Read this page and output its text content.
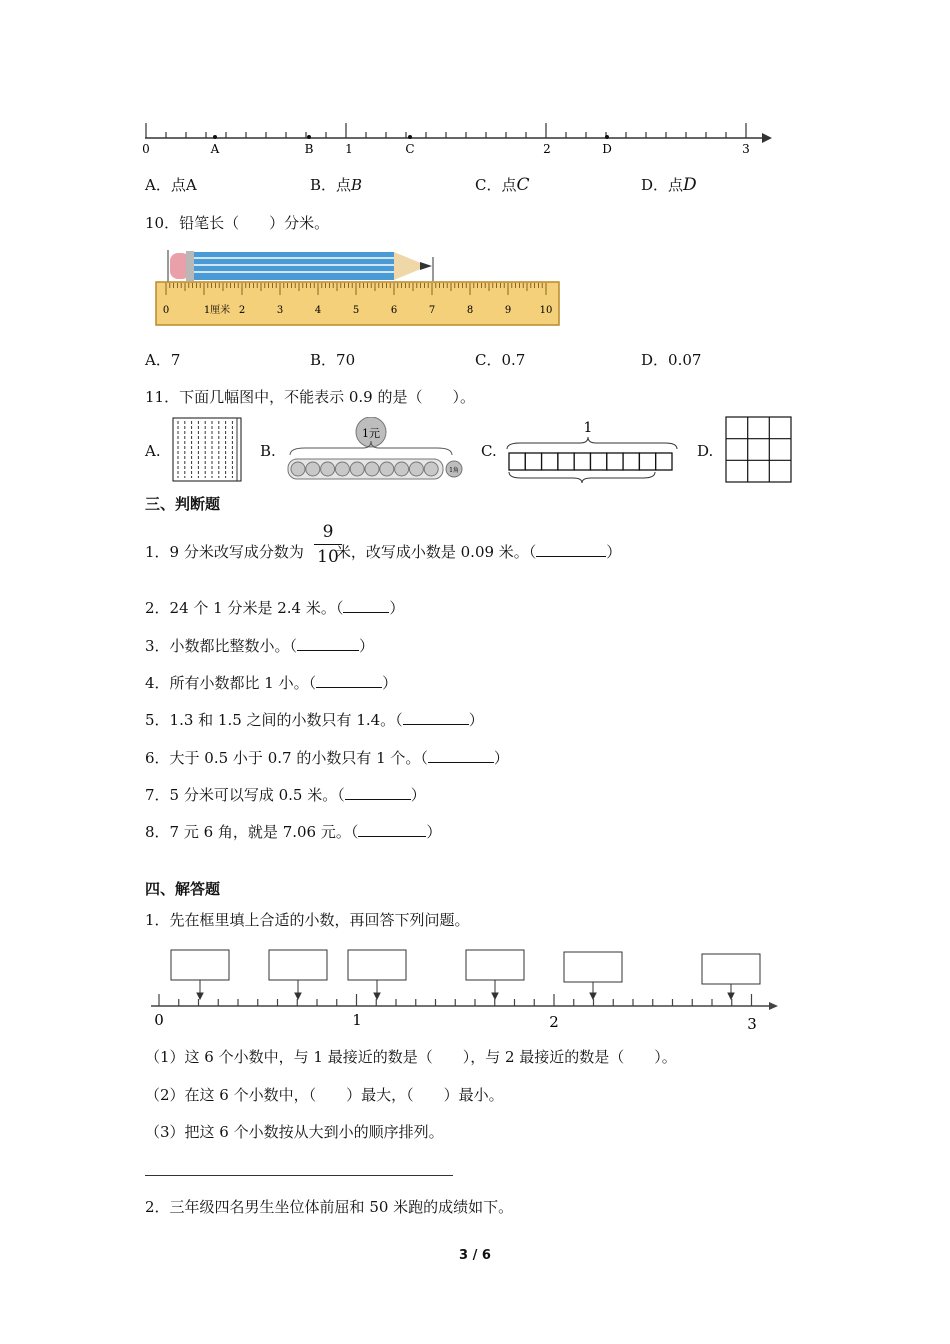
0	A	B	1	C	2	D	3
A．点A	B．点B	C．点C	D．点D
10．铅笔长（　　）分米。
0	1厘米 2	3	4	5	6	7	8	9	10
A．7	B．70	C．0.7	D．0.07
11．下面几幅图中，不能表示 0.9 的是（　　）。
A.	B.
1元
1角
C.
1
D.
三、判断题
1．9 分米改写成分数为 米，改写成小数是 0.09 米。（	）
9
10
2．24 个 1 分米是 2.4 米。（	）
3．小数都比整数小。（	）
4．所有小数都比 1 小。（	）
5．1.3 和 1.5 之间的小数只有 1.4。（	）
6．大于 0.5 小于 0.7 的小数只有 1 个。（	）
7．5 分米可以写成 0.5 米。（	）
8．7 元 6 角，就是 7.06 元。（	）
四、解答题
1．先在框里填上合适的小数，再回答下列问题。
0	1	2	3
（1）这 6 个小数中，与 1 最接近的数是（　　），与 2 最接近的数是（　　）。
（2）在这 6 个小数中，（　　）最大，（　　）最小。
（3）把这 6 个小数按从大到小的顺序排列。
2．三年级四名男生坐位体前屈和 50 米跑的成绩如下。
3 / 6
